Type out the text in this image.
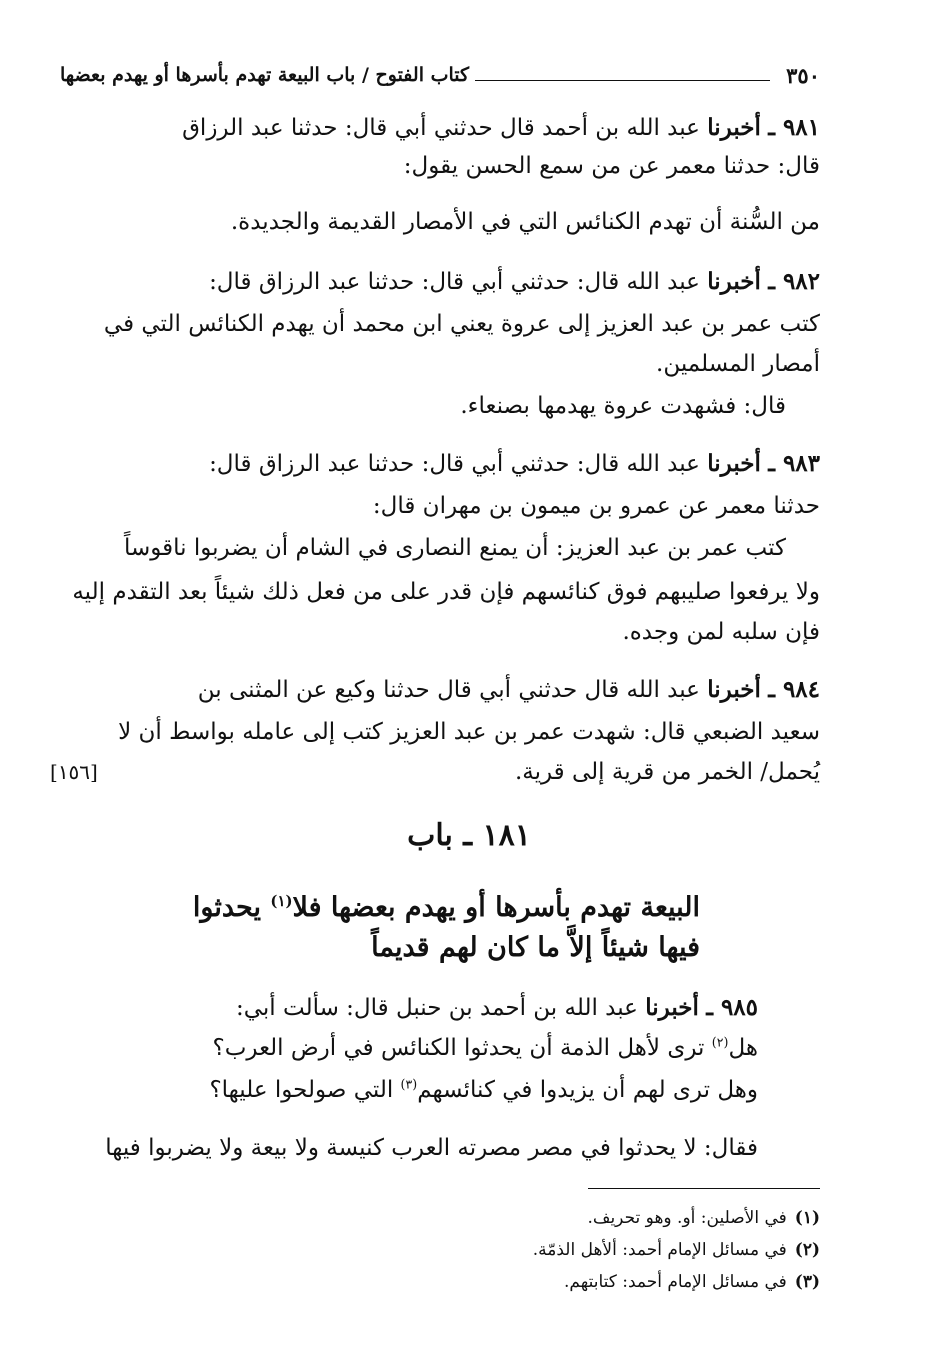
٣٥٠
كتاب الفتوح / باب البيعة تهدم بأسرها أو يهدم بعضها
٩٨١ ـ أخبرنا عبد الله بن أحمد قال حدثني أبي قال: حدثنا عبد الرزاق
قال: حدثنا معمر عن من سمع الحسن يقول:
من السُّنة أن تهدم الكنائس التي في الأمصار القديمة والجديدة.
٩٨٢ ـ أخبرنا عبد الله قال: حدثني أبي قال: حدثنا عبد الرزاق قال:
كتب عمر بن عبد العزيز إلى عروة يعني ابن محمد أن يهدم الكنائس التي في
أمصار المسلمين.
قال: فشهدت عروة يهدمها بصنعاء.
٩٨٣ ـ أخبرنا عبد الله قال: حدثني أبي قال: حدثنا عبد الرزاق قال:
حدثنا معمر عن عمرو بن ميمون بن مهران قال:
كتب عمر بن عبد العزيز: أن يمنع النصارى في الشام أن يضربوا ناقوساً
ولا يرفعوا صليبهم فوق كنائسهم فإن قدر على من فعل ذلك شيئاً بعد التقدم إليه
فإن سلبه لمن وجده.
٩٨٤ ـ أخبرنا عبد الله قال حدثني أبي قال حدثنا وكيع عن المثنى بن
سعيد الضبعي قال: شهدت عمر بن عبد العزيز كتب إلى عامله بواسط أن لا
يُحمل/ الخمر من قرية إلى قرية.
[١٥٦]
١٨١ ـ باب
البيعة تهدم بأسرها أو يهدم بعضها فلا$^{(١)}$ يحدثوا
فيها شيئاً إلاَّ ما كان لهم قديماً
٩٨٥ ـ أخبرنا عبد الله بن أحمد بن حنبل قال: سألت أبي:
هل$^{(٢)}$ ترى لأهل الذمة أن يحدثوا الكنائس في أرض العرب؟
وهل ترى لهم أن يزيدوا في كنائسهم$^{(٣)}$ التي صولحوا عليها؟
فقال: لا يحدثوا في مصر مصرته العرب كنيسة ولا بيعة ولا يضربوا فيها
(١)في الأصلين: أو. وهو تحريف.
(٢)في مسائل الإمام أحمد: ألأهل الذمّة.
(٣)في مسائل الإمام أحمد: كتابتهم.
